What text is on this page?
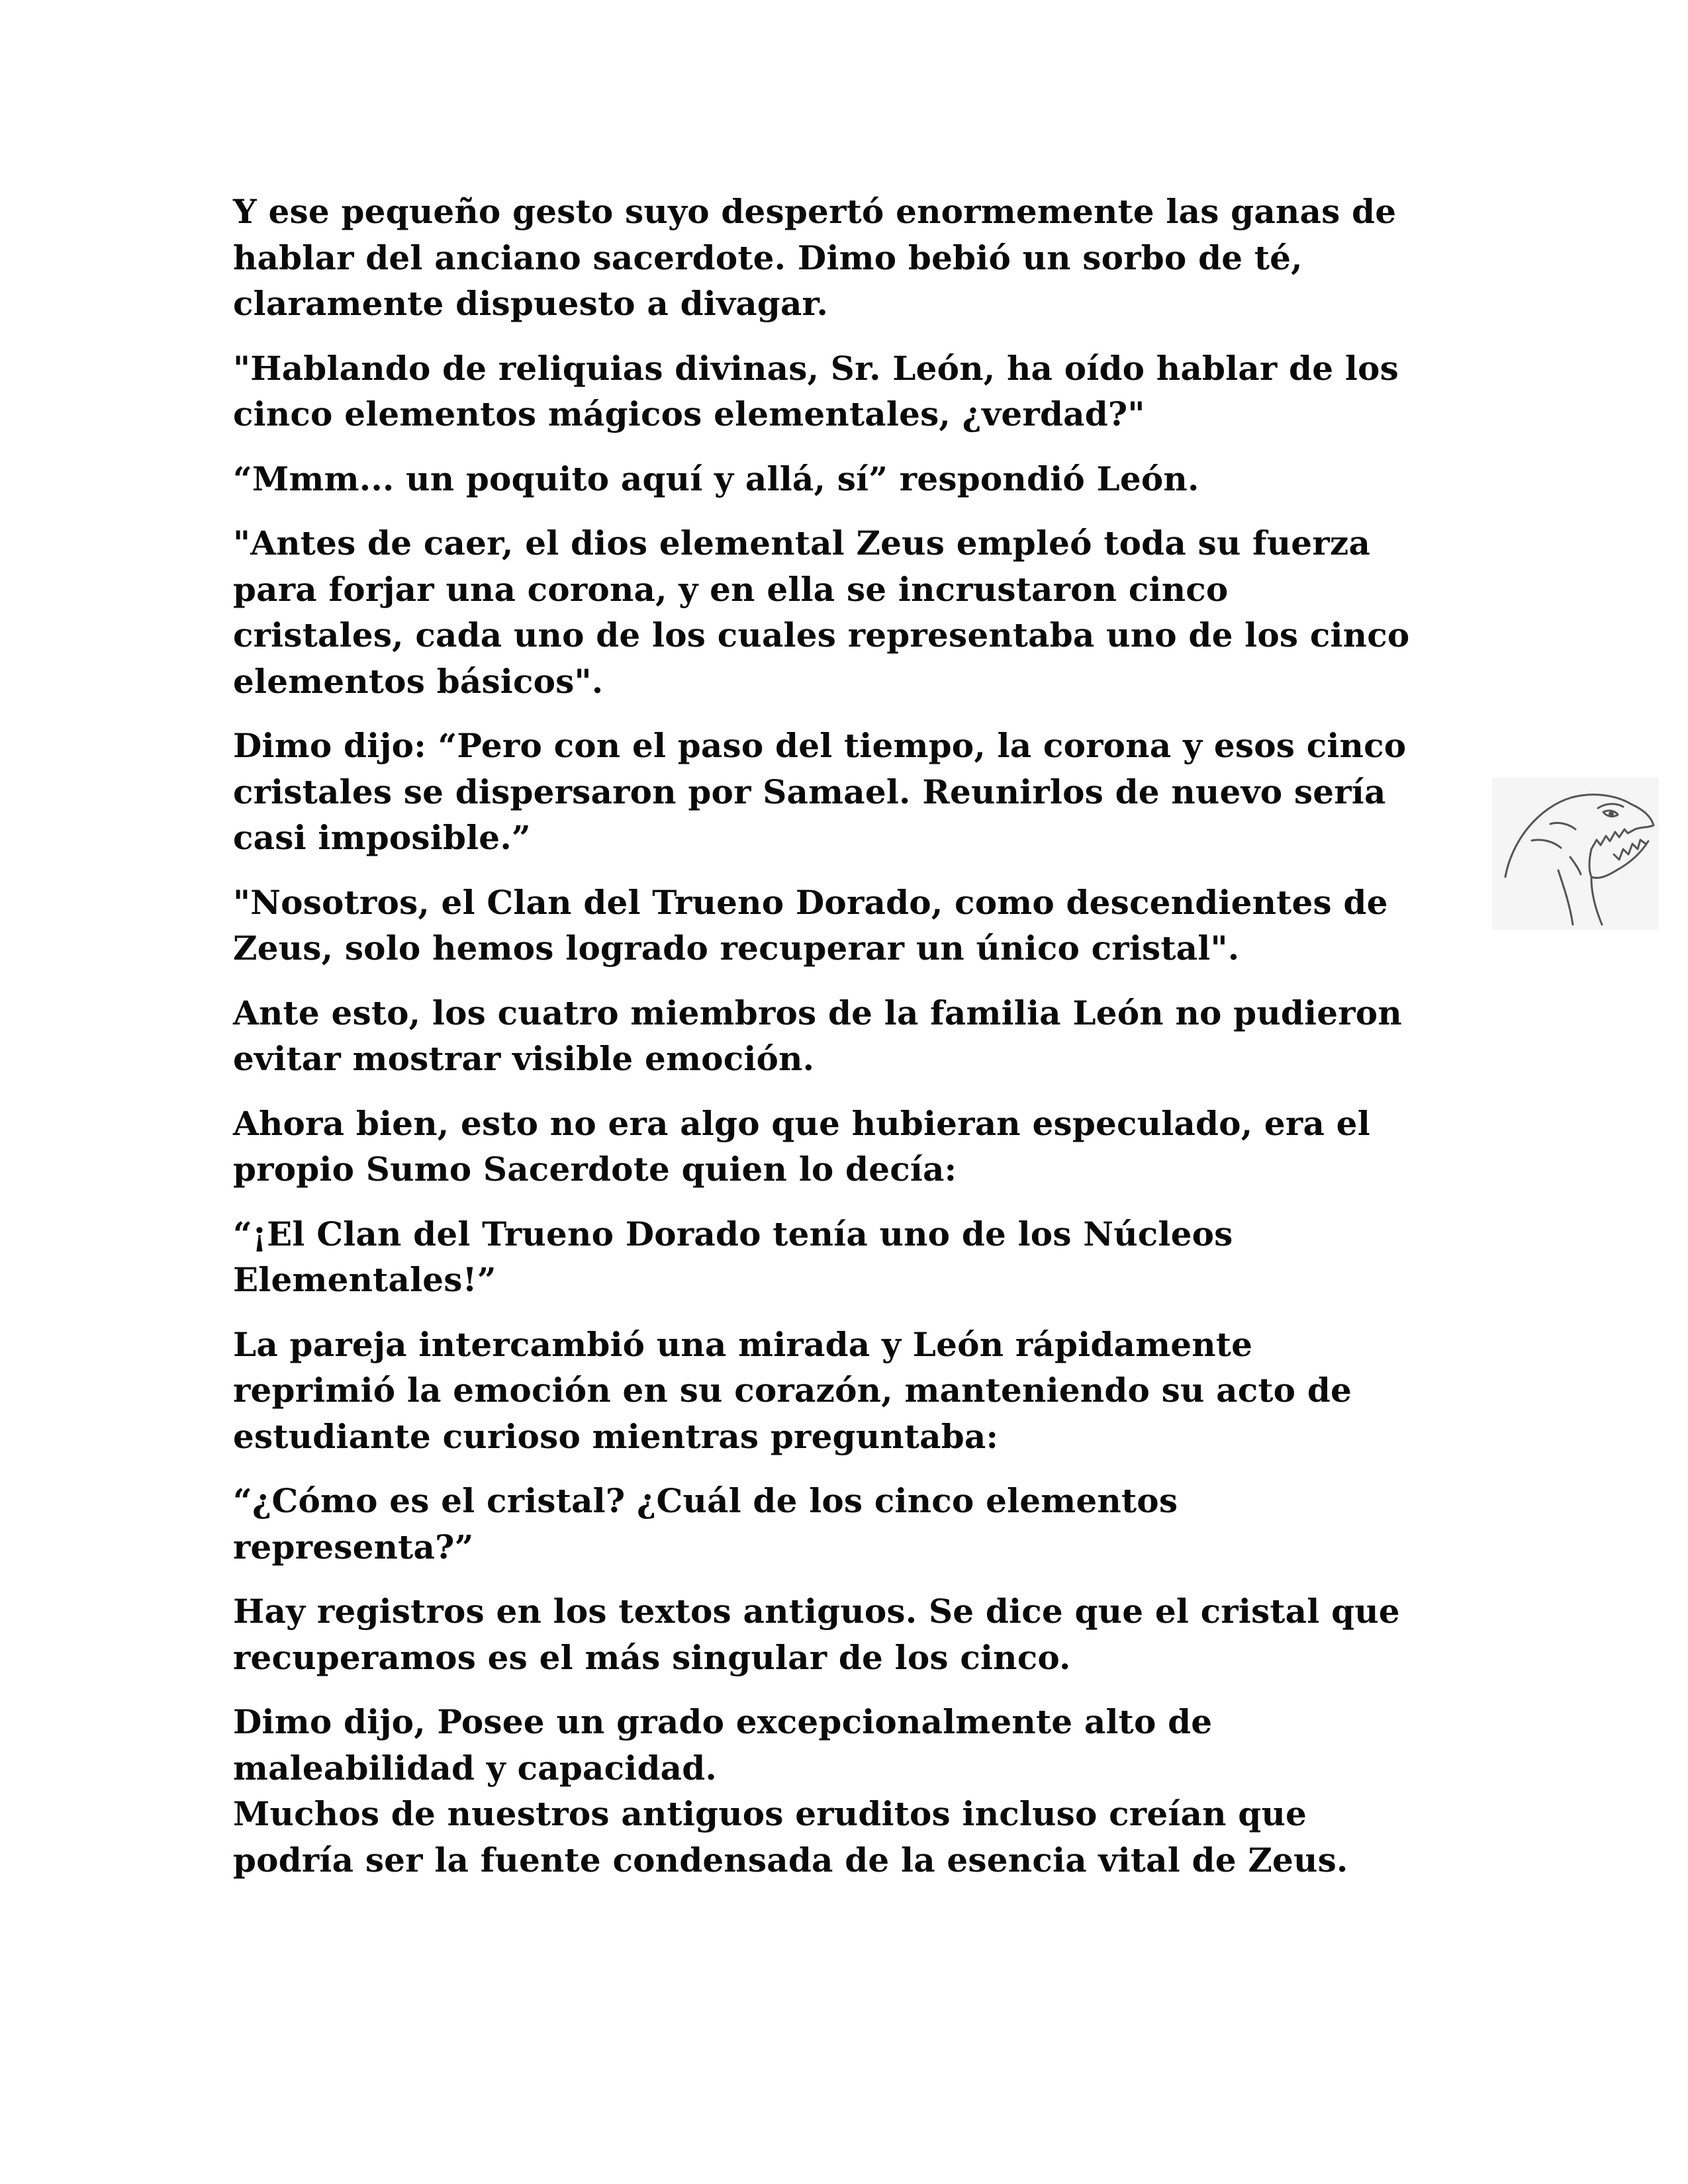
Y ese pequeño gesto suyo despertó enormemente las ganas de
hablar del anciano sacerdote. Dimo bebió un sorbo de té,
claramente dispuesto a divagar.

"Hablando de reliquias divinas, Sr. León, ha oído hablar de los
cinco elementos mágicos elementales, ¿verdad?"

“Mmm... un poquito aquí y allá, sí” respondió León.

"Antes de caer, el dios elemental Zeus empleó toda su fuerza
para forjar una corona, y en ella se incrustaron cinco
cristales, cada uno de los cuales representaba uno de los cinco
elementos básicos".

Dimo dijo: “Pero con el paso del tiempo, la corona y esos cinco
cristales se dispersaron por Samael. Reunirlos de nuevo sería
casi imposible.”

"Nosotros, el Clan del Trueno Dorado, como descendientes de
Zeus, solo hemos logrado recuperar un único cristal".

Ante esto, los cuatro miembros de la familia León no pudieron
evitar mostrar visible emoción.

Ahora bien, esto no era algo que hubieran especulado, era el
propio Sumo Sacerdote quien lo decía:

“¡El Clan del Trueno Dorado tenía uno de los Núcleos
Elementales!”

La pareja intercambió una mirada y León rápidamente
reprimió la emoción en su corazón, manteniendo su acto de
estudiante curioso mientras preguntaba:

“¿Cómo es el cristal? ¿Cuál de los cinco elementos
representa?”

Hay registros en los textos antiguos. Se dice que el cristal que
recuperamos es el más singular de los cinco.

Dimo dijo, Posee un grado excepcionalmente alto de
maleabilidad y capacidad.
Muchos de nuestros antiguos eruditos incluso creían que
podría ser la fuente condensada de la esencia vital de Zeus.
